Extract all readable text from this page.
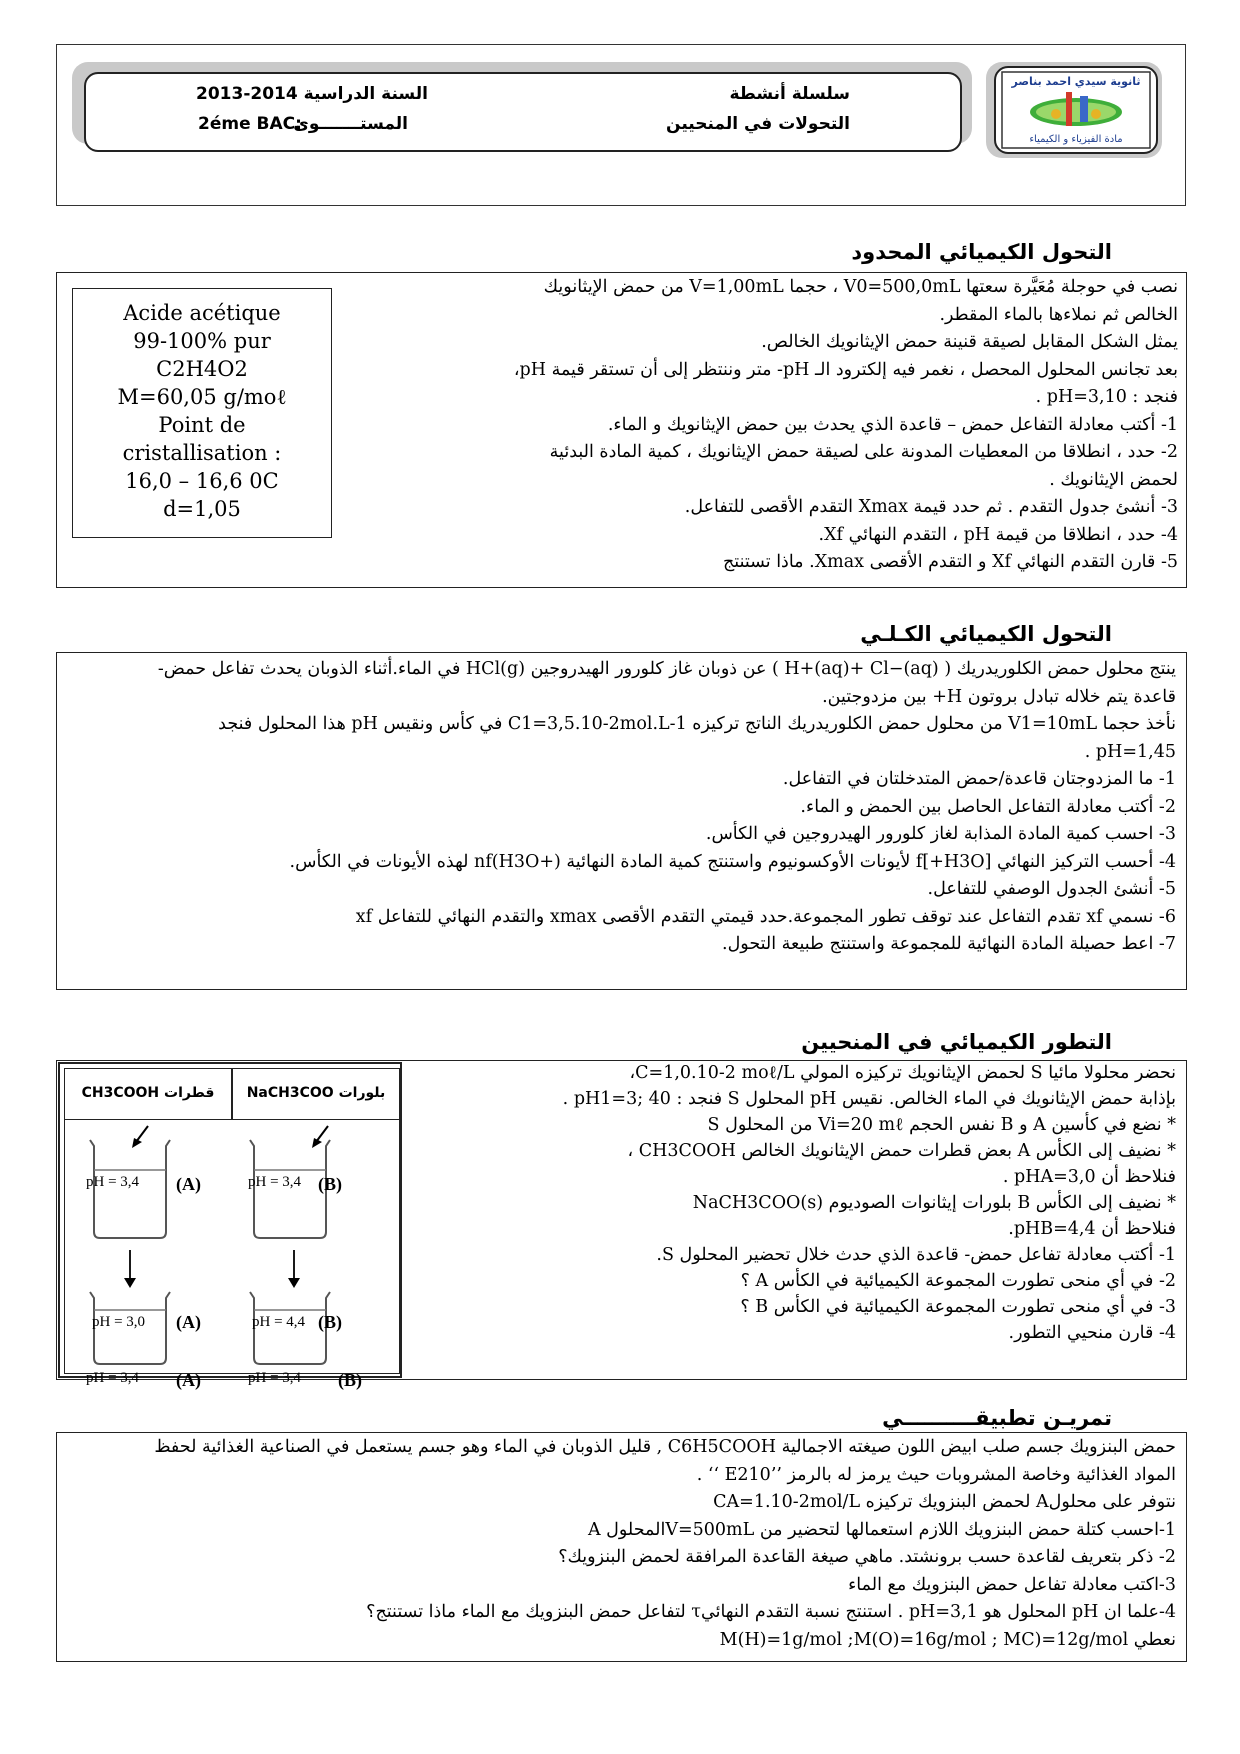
سلسلة أنشطة
التحولات في المنحيين
السنة الدراسية 2014-2013
2éme BAC:
المستـــــــوى
ثانوية سيدي احمد بناصر
مادة الفيزياء و الكيمياء
التحول الكيميائي المحدود
Acide acétique
99-100% pur
C2H4O2
M=60,05 g/moℓ
Point de
cristallisation :
16,0 – 16,6 0C
d=1,05
نصب في حوجلة مُعَيَّرة سعتها V0=500,0mL ، حجما V=1,00mL من حمض الإيثانويك
الخالص ثم نملاءها بالماء المقطر.
يمثل الشكل المقابل لصيقة قنينة حمض الإيثانويك الخالص.
بعد تجانس المحلول المحصل ، نغمر فيه إلكترود الـ pH- متر وننتظر إلى أن تستقر قيمة pH،
فنجد : pH=3,10 .
1- أكتب معادلة التفاعل حمض – قاعدة الذي يحدث بين حمض الإيثانويك و الماء.
2- حدد ، انطلاقا من المعطيات المدونة على لصيقة حمض الإيثانويك ، كمية المادة البدئية
لحمض الإيثانويك .
3- أنشئ جدول التقدم . ثم حدد قيمة Xmax التقدم الأقصى للتفاعل.
4- حدد ، انطلاقا من قيمة pH ، التقدم النهائي Xf.
5- قارن التقدم النهائي Xf و التقدم الأقصى Xmax. ماذا تستنتج
التحول الكيميائي الكـلـي
ينتج محلول حمض الكلوريدريك ( H+(aq)+ Cl−(aq) ) عن ذوبان غاز كلورور الهيدروجين HCl(g) في الماء.أثناء الذوبان يحدث تفاعل حمض-
قاعدة يتم خلاله تبادل بروتون H+ بين مزدوجتين.
نأخذ حجما V1=10mL من محلول حمض الكلوريدريك الناتج تركيزه C1=3,5.10-2mol.L-1 في كأس ونقيس pH هذا المحلول فنجد
pH=1,45 .
1- ما المزدوجتان قاعدة/حمض المتدخلتان في التفاعل.
2- أكتب معادلة التفاعل الحاصل بين الحمض و الماء.
3- احسب كمية المادة المذابة لغاز كلورور الهيدروجين في الكأس.
4- أحسب التركيز النهائي [H3O+]f لأيونات الأوكسونيوم واستنتج كمية المادة النهائية nf(H3O+) لهذه الأيونات في الكأس.
5- أنشئ الجدول الوصفي للتفاعل.
6- نسمي xf تقدم التفاعل عند توقف تطور المجموعة.حدد قيمتي التقدم الأقصى xmax والتقدم النهائي للتفاعل xf
7- اعط حصيلة المادة النهائية للمجموعة واستنتج طبيعة التحول.
التطور الكيميائي في المنحيين
قطرات CH3COOH	بلورات NaCH3COO
pH = 3,4 (A)	pH = 3,4 (B)
pH = 3,4 (A)	pH = 3,4 (B)
pH = 3,0 (A)	pH = 4,4 (B)
نحضر محلولا مائيا S لحمض الإيثانويك تركيزه المولي C=1,0.10-2 moℓ/L،
بإذابة حمض الإيثانويك في الماء الخالص. نقيس pH المحلول S فنجد : pH1=3; 40 .
* نضع في كأسين A و B نفس الحجم Vi=20 mℓ من المحلول S
* نضيف إلى الكأس A بعض قطرات حمض الإيثانويك الخالص CH3COOH ،
فنلاحظ أن pHA=3,0 .
* نضيف إلى الكأس B بلورات إيثانوات الصوديوم NaCH3COO(s)
فنلاحظ أن pHB=4,4.
1- أكتب معادلة تفاعل حمض- قاعدة الذي حدث خلال تحضير المحلول S.
2- في أي منحى تطورت المجموعة الكيميائية في الكأس A ؟
3- في أي منحى تطورت المجموعة الكيميائية في الكأس B ؟
4- قارن منحيي التطور.
تمريـن تطبيقــــــــــي
حمض البنزويك جسم صلب ابيض اللون صيغته الاجمالية C6H5COOH , قليل الذوبان في الماء وهو جسم يستعمل في الصناعية الغذائية لحفظ
المواد الغذائية وخاصة المشروبات حيث يرمز له بالرمز ’’E210 ‘‘ .
نتوفر على محلولA لحمض البنزويك تركيزه CA=1.10-2mol/L
1-احسب كتلة حمض البنزويك اللازم استعمالها لتحضير من V=500mLالمحلول A
2- ذكر بتعريف لقاعدة حسب برونشتد. ماهي صيغة القاعدة المرافقة لحمض البنزويك؟
3-اكتب معادلة تفاعل حمض البنزويك مع الماء
4-علما ان pH المحلول هو pH=3,1 . استنتج نسبة التقدم النهائيτ لتفاعل حمض البنزويك مع الماء ماذا تستنتج؟
نعطي M(H)=1g/mol ;M(O)=16g/mol ; MC)=12g/mol
